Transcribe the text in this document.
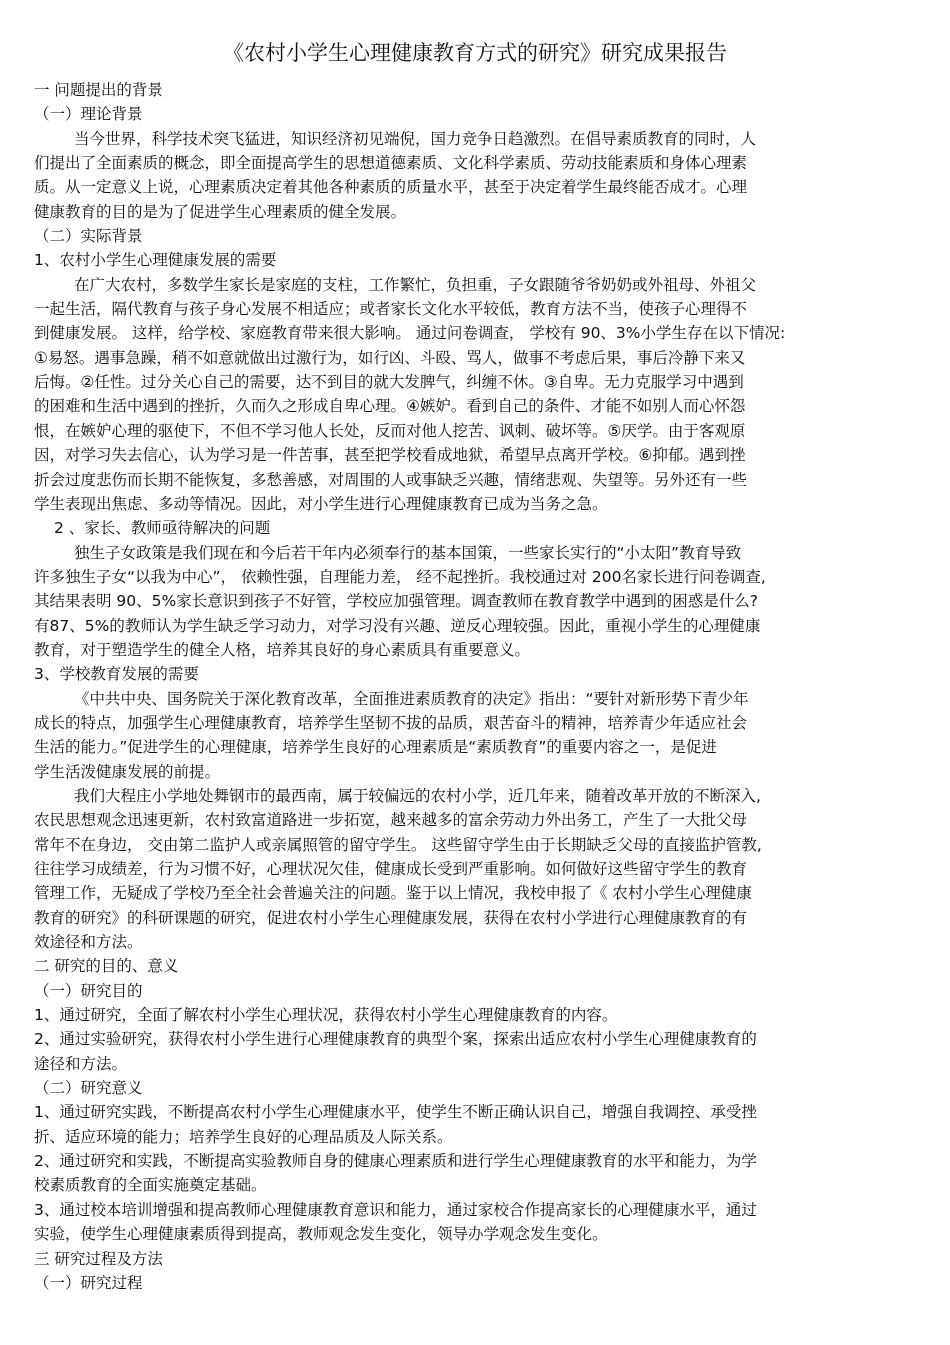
《农村小学生心理健康教育方式的研究》研究成果报告
一 问题提出的背景
（一）理论背景
当今世界，科学技术突飞猛进，知识经济初见端倪，国力竞争日趋激烈。在倡导素质教育的同时，人
们提出了全面素质的概念，即全面提高学生的思想道德素质、文化科学素质、劳动技能素质和身体心理素
质。从一定意义上说，心理素质决定着其他各种素质的质量水平，甚至于决定着学生最终能否成才。心理
健康教育的目的是为了促进学生心理素质的健全发展。
（二）实际背景
1、农村小学生心理健康发展的需要
在广大农村，多数学生家长是家庭的支柱，工作繁忙，负担重，子女跟随爷爷奶奶或外祖母、外祖父
一起生活，隔代教育与孩子身心发展不相适应；或者家长文化水平较低，教育方法不当，使孩子心理得不
到健康发展。 这样，给学校、家庭教育带来很大影响。 通过问卷调查， 学校有 90、3%小学生存在以下情况:
①易怒。遇事急躁，稍不如意就做出过激行为，如行凶、斗殴、骂人，做事不考虑后果，事后冷静下来又
后悔。②任性。过分关心自己的需要，达不到目的就大发脾气，纠缠不休。③自卑。无力克服学习中遇到
的困难和生活中遇到的挫折，久而久之形成自卑心理。④嫉妒。看到自己的条件、才能不如别人而心怀怨
恨，在嫉妒心理的驱使下，不但不学习他人长处，反而对他人挖苦、讽刺、破坏等。⑤厌学。由于客观原
因，对学习失去信心，认为学习是一件苦事，甚至把学校看成地狱，希望早点离开学校。⑥抑郁。遇到挫
折会过度悲伤而长期不能恢复，多愁善感，对周围的人或事缺乏兴趣，情绪悲观、失望等。另外还有一些
学生表现出焦虑、多动等情况。因此，对小学生进行心理健康教育已成为当务之急。
2 、家长、教师亟待解决的问题
独生子女政策是我们现在和今后若干年内必须奉行的基本国策，一些家长实行的“小太阳”教育导致
许多独生子女“以我为中心”， 依赖性强，自理能力差， 经不起挫折。我校通过对 200名家长进行问卷调查,
其结果表明 90、5%家长意识到孩子不好管，学校应加强管理。调查教师在教育教学中遇到的困惑是什么?
有87、5%的教师认为学生缺乏学习动力，对学习没有兴趣、逆反心理较强。因此，重视小学生的心理健康
教育，对于塑造学生的健全人格，培养其良好的身心素质具有重要意义。
3、学校教育发展的需要
《中共中央、国务院关于深化教育改革，全面推进素质教育的决定》指出：“要针对新形势下青少年
成长的特点，加强学生心理健康教育，培养学生坚韧不拔的品质，艰苦奋斗的精神，培养青少年适应社会
生活的能力。”促进学生的心理健康，培养学生良好的心理素质是“素质教育”的重要内容之一，是促进
学生活泼健康发展的前提。
我们大程庄小学地处舞钢市的最西南，属于较偏远的农村小学，近几年来，随着改革开放的不断深入,
农民思想观念迅速更新，农村致富道路进一步拓宽，越来越多的富余劳动力外出务工，产生了一大批父母
常年不在身边， 交由第二监护人或亲属照管的留守学生。 这些留守学生由于长期缺乏父母的直接监护管教,
往往学习成绩差，行为习惯不好，心理状况欠佳，健康成长受到严重影响。如何做好这些留守学生的教育
管理工作，无疑成了学校乃至全社会普遍关注的问题。鉴于以上情况，我校申报了《 农村小学生心理健康
教育的研究》的科研课题的研究，促进农村小学生心理健康发展，获得在农村小学进行心理健康教育的有
效途径和方法。
二 研究的目的、意义
（一）研究目的
1、通过研究，全面了解农村小学生心理状况，获得农村小学生心理健康教育的内容。
2、通过实验研究，获得农村小学生进行心理健康教育的典型个案，探索出适应农村小学生心理健康教育的
途径和方法。
（二）研究意义
1、通过研究实践，不断提高农村小学生心理健康水平，使学生不断正确认识自己，增强自我调控、承受挫
折、适应环境的能力；培养学生良好的心理品质及人际关系。
2、通过研究和实践，不断提高实验教师自身的健康心理素质和进行学生心理健康教育的水平和能力，为学
校素质教育的全面实施奠定基础。
3、通过校本培训增强和提高教师心理健康教育意识和能力，通过家校合作提高家长的心理健康水平，通过
实验，使学生心理健康素质得到提高，教师观念发生变化，领导办学观念发生变化。
三 研究过程及方法
（一）研究过程
